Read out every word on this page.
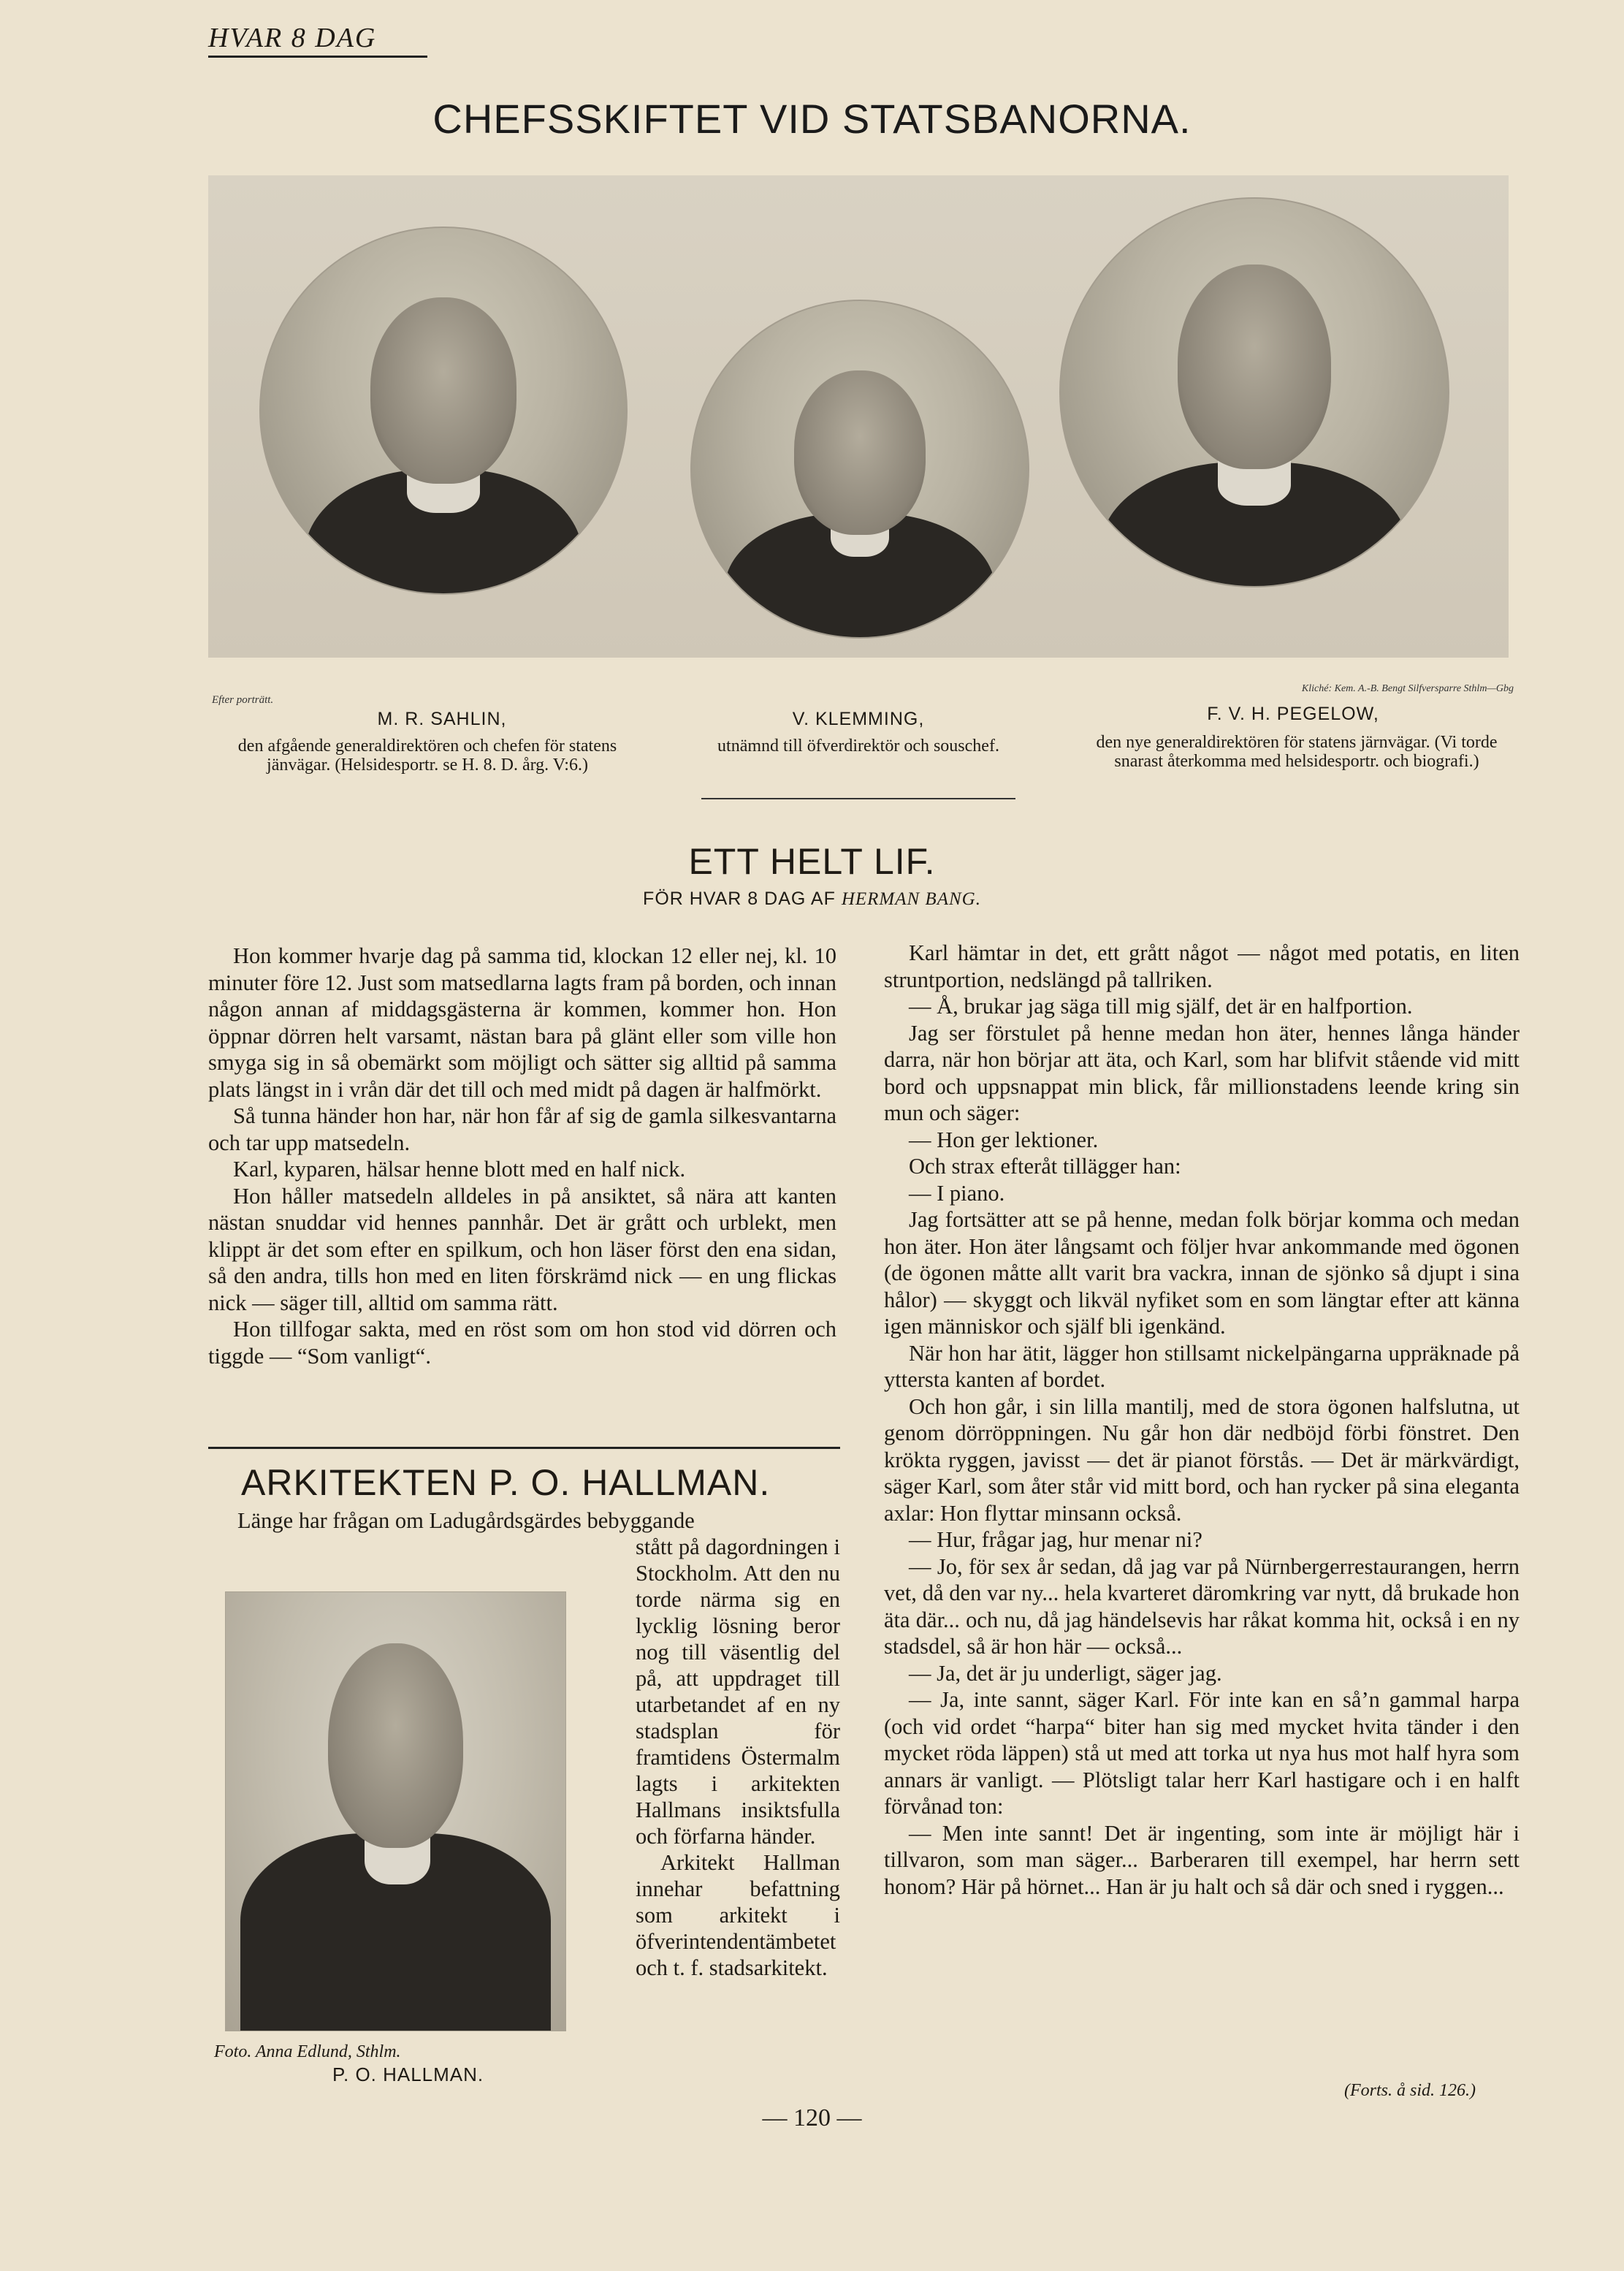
HVAR 8 DAG
CHEFSSKIFTET VID STATSBANORNA.
Efter porträtt.
Kliché: Kem. A.-B. Bengt Silfversparre Sthlm—Gbg
M. R. SAHLIN,
den afgående generaldirektören och chefen för statens jänvägar. (Helsidesportr. se H. 8. D. årg. V:6.)
V. KLEMMING,
utnämnd till öfverdirektör och souschef.
F. V. H. PEGELOW,
den nye generaldirektören för statens järnvägar. (Vi torde snarast återkomma med helsidesportr. och biografi.)
ETT HELT LIF.
FÖR HVAR 8 DAG AF HERMAN BANG.

Hon kommer hvarje dag på samma tid, klockan 12 eller nej, kl. 10 minuter före 12. Just som matsedlarna lagts fram på borden, och innan någon annan af middagsgästerna är kommen, kommer hon. Hon öppnar dörren helt varsamt, nästan bara på glänt eller som ville hon smyga sig in så obemärkt som möjligt och sätter sig alltid på samma plats längst in i vrån där det till och med midt på dagen är halfmörkt.

Så tunna händer hon har, när hon får af sig de gamla silkesvantarna och tar upp matsedeln.

Karl, kyparen, hälsar henne blott med en half nick.

Hon håller matsedeln alldeles in på ansiktet, så nära att kanten nästan snuddar vid hennes pannhår. Det är grått och urblekt, men klippt är det som efter en spilkum, och hon läser först den ena sidan, så den andra, tills hon med en liten förskrämd nick — en ung flickas nick — säger till, alltid om samma rätt.

Hon tillfogar sakta, med en röst som om hon stod vid dörren och tiggde — “Som vanligt“.

Karl hämtar in det, ett grått något — något med potatis, en liten struntportion, nedslängd på tallriken.

— Å, brukar jag säga till mig själf, det är en halfportion.

Jag ser förstulet på henne medan hon äter, hennes långa händer darra, när hon börjar att äta, och Karl, som har blifvit stående vid mitt bord och uppsnappat min blick, får millionstadens leende kring sin mun och säger:

— Hon ger lektioner.

Och strax efteråt tillägger han:

— I piano.

Jag fortsätter att se på henne, medan folk börjar komma och medan hon äter. Hon äter långsamt och följer hvar ankommande med ögonen (de ögonen måtte allt varit bra vackra, innan de sjönko så djupt i sina hålor) — skyggt och likväl nyfiket som en som längtar efter att känna igen människor och själf bli igenkänd.

När hon har ätit, lägger hon stillsamt nickelpängarna uppräknade på yttersta kanten af bordet.

Och hon går, i sin lilla mantilj, med de stora ögonen halfslutna, ut genom dörröppningen. Nu går hon där nedböjd förbi fönstret. Den krökta ryggen, javisst — det är pianot förstås. — Det är märkvärdigt, säger Karl, som åter står vid mitt bord, och han rycker på sina eleganta axlar: Hon flyttar minsann också.

— Hur, frågar jag, hur menar ni?

— Jo, för sex år sedan, då jag var på Nürnbergerrestaurangen, herrn vet, då den var ny... hela kvarteret däromkring var nytt, då brukade hon äta där... och nu, då jag händelsevis har råkat komma hit, också i en ny stadsdel, så är hon här — också...

— Ja, det är ju underligt, säger jag.

— Ja, inte sannt, säger Karl. För inte kan en så’n gammal harpa (och vid ordet “harpa“ biter han sig med mycket hvita tänder i den mycket röda läppen) stå ut med att torka ut nya hus mot half hyra som annars är vanligt. — Plötsligt talar herr Karl hastigare och i en halft förvånad ton:

— Men inte sannt! Det är ingenting, som inte är möjligt här i tillvaron, som man säger... Barberaren till exempel, har herrn sett honom? Här på hörnet... Han är ju halt och så där och sned i ryggen...

(Forts. å sid. 126.)
ARKITEKTEN P. O. HALLMAN.
Länge har frågan om Ladugårdsgärdes bebyggande

stått på dagordningen i Stockholm. Att den nu torde närma sig en lycklig lösning beror nog till väsentlig del på, att uppdraget till utarbetandet af en ny stadsplan för framtidens Östermalm lagts i arkitekten Hallmans insiktsfulla och förfarna händer.

Arkitekt Hallman innehar befattning som arkitekt i öfverintendentämbetet och t. f. stadsarkitekt.

Foto. Anna Edlund, Sthlm.
P. O. HALLMAN.
— 120 —
